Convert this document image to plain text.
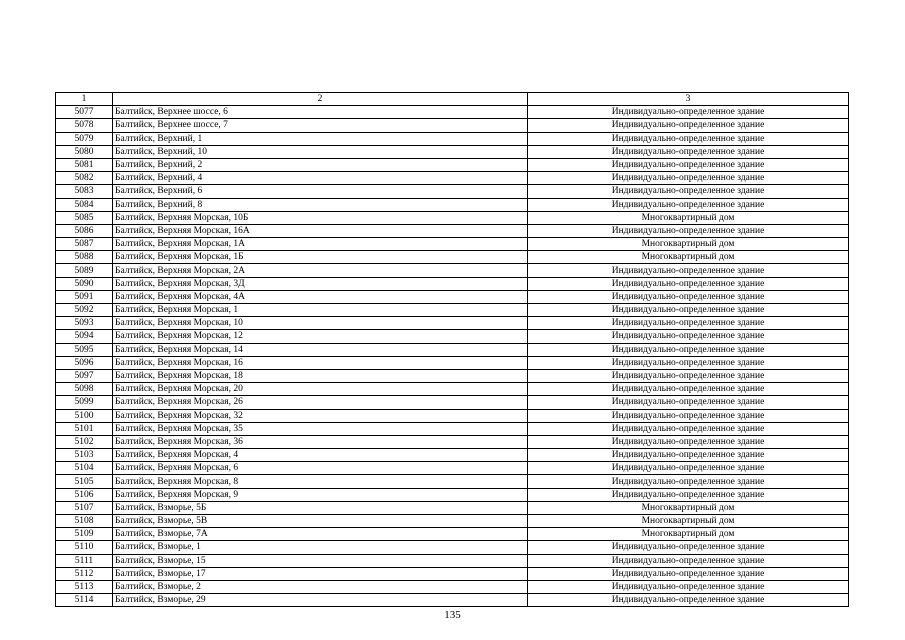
1	2	3
5077	Балтийск, Верхнее шоссе, 6	Индивидуально-определенное здание
5078	Балтийск, Верхнее шоссе, 7	Индивидуально-определенное здание
5079	Балтийск, Верхний, 1	Индивидуально-определенное здание
5080	Балтийск, Верхний, 10	Индивидуально-определенное здание
5081	Балтийск, Верхний, 2	Индивидуально-определенное здание
5082	Балтийск, Верхний, 4	Индивидуально-определенное здание
5083	Балтийск, Верхний, 6	Индивидуально-определенное здание
5084	Балтийск, Верхний, 8	Индивидуально-определенное здание
5085	Балтийск, Верхняя Морская, 10Б	Многоквартирный дом
5086	Балтийск, Верхняя Морская, 16А	Индивидуально-определенное здание
5087	Балтийск, Верхняя Морская, 1А	Многоквартирный дом
5088	Балтийск, Верхняя Морская, 1Б	Многоквартирный дом
5089	Балтийск, Верхняя Морская, 2А	Индивидуально-определенное здание
5090	Балтийск, Верхняя Морская, 3Д	Индивидуально-определенное здание
5091	Балтийск, Верхняя Морская, 4А	Индивидуально-определенное здание
5092	Балтийск, Верхняя Морская, 1	Индивидуально-определенное здание
5093	Балтийск, Верхняя Морская, 10	Индивидуально-определенное здание
5094	Балтийск, Верхняя Морская, 12	Индивидуально-определенное здание
5095	Балтийск, Верхняя Морская, 14	Индивидуально-определенное здание
5096	Балтийск, Верхняя Морская, 16	Индивидуально-определенное здание
5097	Балтийск, Верхняя Морская, 18	Индивидуально-определенное здание
5098	Балтийск, Верхняя Морская, 20	Индивидуально-определенное здание
5099	Балтийск, Верхняя Морская, 26	Индивидуально-определенное здание
5100	Балтийск, Верхняя Морская, 32	Индивидуально-определенное здание
5101	Балтийск, Верхняя Морская, 35	Индивидуально-определенное здание
5102	Балтийск, Верхняя Морская, 36	Индивидуально-определенное здание
5103	Балтийск, Верхняя Морская, 4	Индивидуально-определенное здание
5104	Балтийск, Верхняя Морская, 6	Индивидуально-определенное здание
5105	Балтийск, Верхняя Морская, 8	Индивидуально-определенное здание
5106	Балтийск, Верхняя Морская, 9	Индивидуально-определенное здание
5107	Балтийск, Взморье, 5Б	Многоквартирный дом
5108	Балтийск, Взморье, 5В	Многоквартирный дом
5109	Балтийск, Взморье, 7А	Многоквартирный дом
5110	Балтийск, Взморье, 1	Индивидуально-определенное здание
5111	Балтийск, Взморье, 15	Индивидуально-определенное здание
5112	Балтийск, Взморье, 17	Индивидуально-определенное здание
5113	Балтийск, Взморье, 2	Индивидуально-определенное здание
5114	Балтийск, Взморье, 29	Индивидуально-определенное здание
135
